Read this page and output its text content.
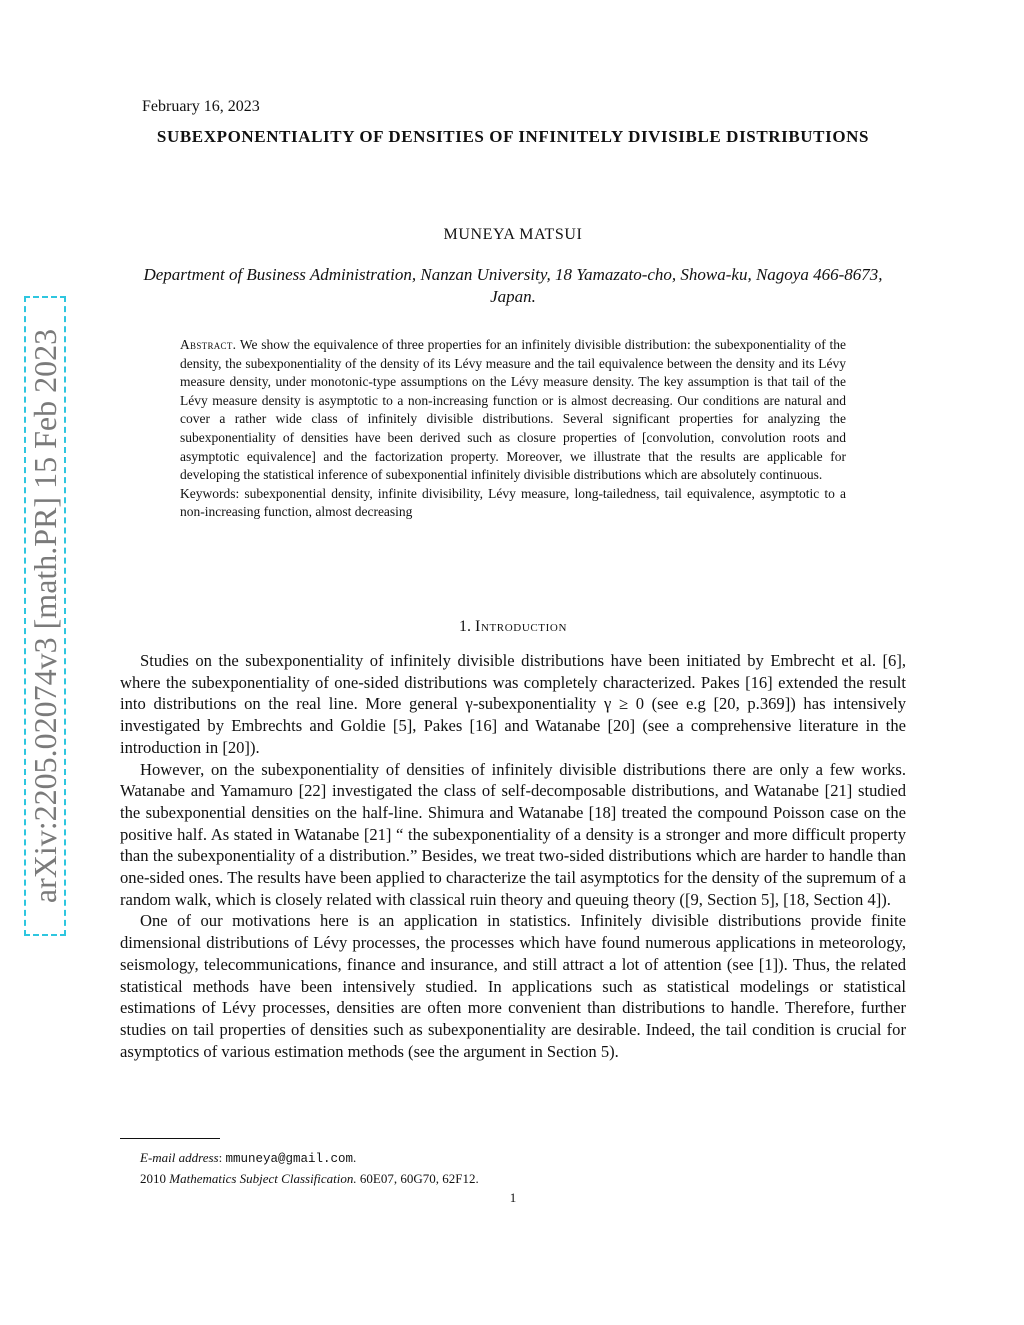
arXiv:2205.02074v3 [math.PR] 15 Feb 2023
February 16, 2023
SUBEXPONENTIALITY OF DENSITIES OF INFINITELY DIVISIBLE DISTRIBUTIONS
MUNEYA MATSUI
Department of Business Administration, Nanzan University, 18 Yamazato-cho, Showa-ku, Nagoya 466-8673, Japan.
Abstract. We show the equivalence of three properties for an infinitely divisible distribution: the subexponentiality of the density, the subexponentiality of the density of its Lévy measure and the tail equivalence between the density and its Lévy measure density, under monotonic-type assumptions on the Lévy measure density. The key assumption is that tail of the Lévy measure density is asymptotic to a non-increasing function or is almost decreasing. Our conditions are natural and cover a rather wide class of infinitely divisible distributions. Several significant properties for analyzing the subexponentiality of densities have been derived such as closure properties of [convolution, convolution roots and asymptotic equivalence] and the factorization property. Moreover, we illustrate that the results are applicable for developing the statistical inference of subexponential infinitely divisible distributions which are absolutely continuous.
Keywords: subexponential density, infinite divisibility, Lévy measure, long-tailedness, tail equivalence, asymptotic to a non-increasing function, almost decreasing
1. Introduction

Studies on the subexponentiality of infinitely divisible distributions have been initiated by Embrecht et al. [6], where the subexponentiality of one-sided distributions was completely characterized. Pakes [16] extended the result into distributions on the real line. More general γ-subexponentiality γ ≥ 0 (see e.g [20, p.369]) has intensively investigated by Embrechts and Goldie [5], Pakes [16] and Watanabe [20] (see a comprehensive literature in the introduction in [20]).

However, on the subexponentiality of densities of infinitely divisible distributions there are only a few works. Watanabe and Yamamuro [22] investigated the class of self-decomposable distributions, and Watanabe [21] studied the subexponential densities on the half-line. Shimura and Watanabe [18] treated the compound Poisson case on the positive half. As stated in Watanabe [21] “ the subexponentiality of a density is a stronger and more difficult property than the subexponentiality of a distribution.” Besides, we treat two-sided distributions which are harder to handle than one-sided ones. The results have been applied to characterize the tail asymptotics for the density of the supremum of a random walk, which is closely related with classical ruin theory and queuing theory ([9, Section 5], [18, Section 4]).

One of our motivations here is an application in statistics. Infinitely divisible distributions provide finite dimensional distributions of Lévy processes, the processes which have found numerous applications in meteorology, seismology, telecommunications, finance and insurance, and still attract a lot of attention (see [1]). Thus, the related statistical methods have been intensively studied. In applications such as statistical modelings or statistical estimations of Lévy processes, densities are often more convenient than distributions to handle. Therefore, further studies on tail properties of densities such as subexponentiality are desirable. Indeed, the tail condition is crucial for asymptotics of various estimation methods (see the argument in Section 5).

E-mail address: mmuneya@gmail.com.
2010 Mathematics Subject Classification. 60E07, 60G70, 62F12.
1
